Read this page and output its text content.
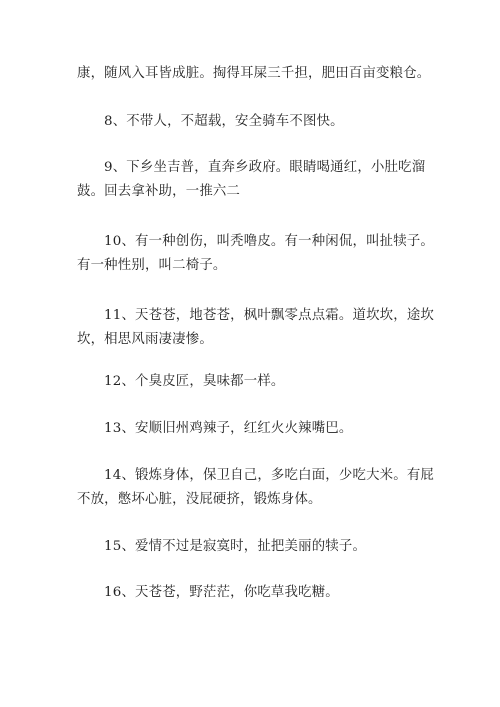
康，随风入耳皆成脏。掏得耳屎三千担，肥田百亩变粮仓。

8、不带人，不超载，安全骑车不图快。

9、下乡坐吉普，直奔乡政府。眼睛喝通红，小肚吃溜
鼓。回去拿补助，一推六二

10、有一种创伤，叫秃噜皮。有一种闲侃，叫扯犊子。
有一种性别，叫二椅子。

11、天苍苍，地苍苍，枫叶飘零点点霜。道坎坎，途坎
坎，相思风雨凄凄惨。

12、个臭皮匠，臭味都一样。

13、安顺旧州鸡辣子，红红火火辣嘴巴。

14、锻炼身体，保卫自己，多吃白面，少吃大米。有屁
不放，憋坏心脏，没屁硬挤，锻炼身体。

15、爱情不过是寂寞时，扯把美丽的犊子。

16、天苍苍，野茫茫，你吃草我吃糖。
